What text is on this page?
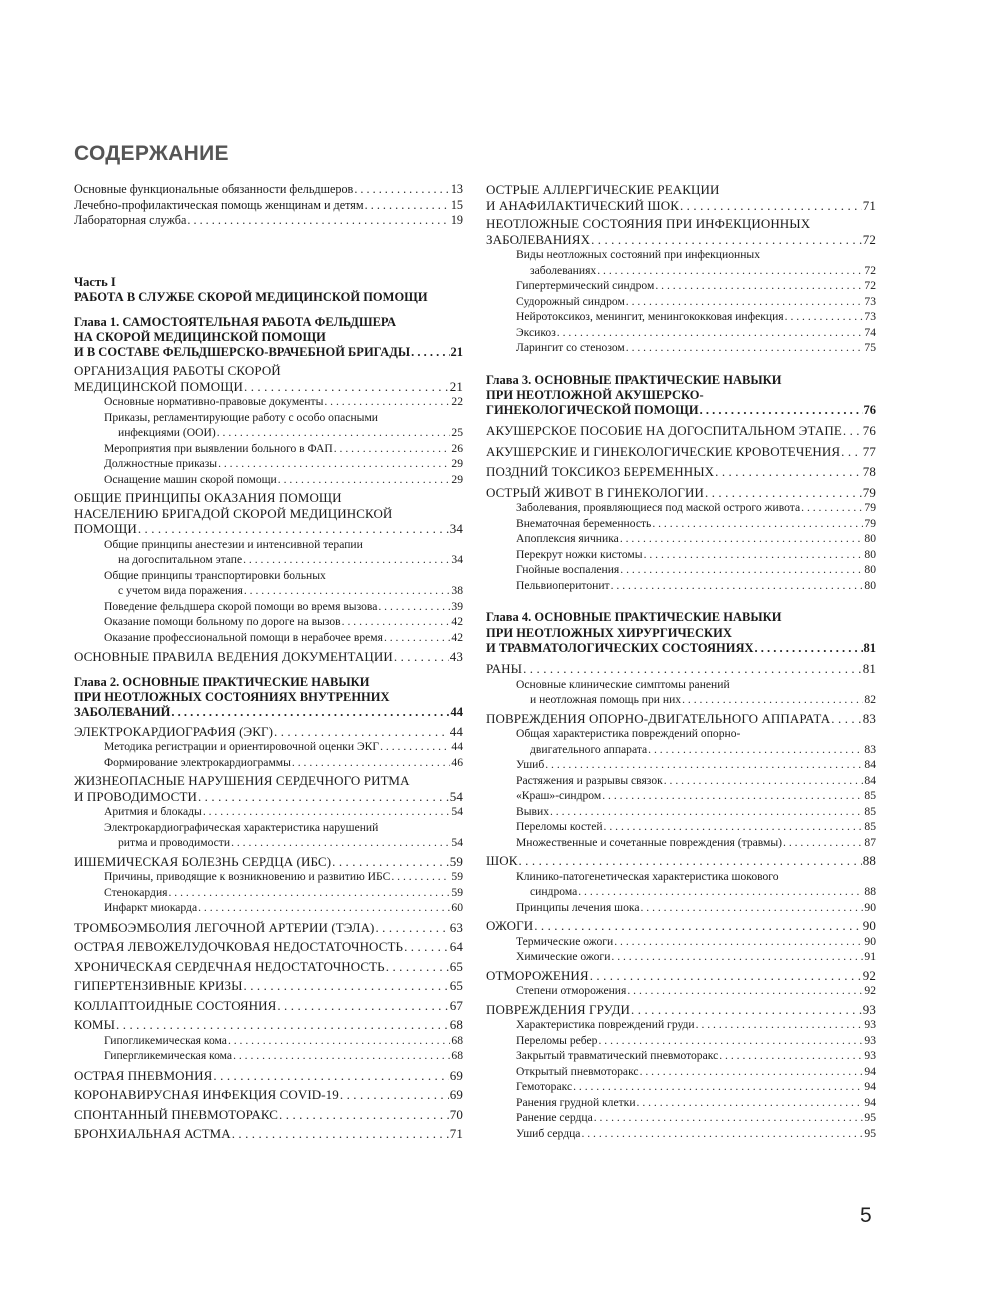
СОДЕРЖАНИЕ
Основные функциональные обязанности фельдшеров . . .	13
Лечебно-профилактическая помощь женщинам и детям . . .	15
Лабораторная служба . . .	19
Часть I
РАБОТА В СЛУЖБЕ СКОРОЙ МЕДИЦИНСКОЙ ПОМОЩИ
Глава 1. САМОСТОЯТЕЛЬНАЯ РАБОТА ФЕЛЬДШЕРА
НА СКОРОЙ МЕДИЦИНСКОЙ ПОМОЩИ
И В СОСТАВЕ ФЕЛЬДШЕРСКО-ВРАЧЕБНОЙ БРИГАДЫ . . .	21
ОРГАНИЗАЦИЯ РАБОТЫ СКОРОЙ
МЕДИЦИНСКОЙ ПОМОЩИ . . .	21
Основные нормативно-правовые документы . . .	22
Приказы, регламентирующие работу с особо опасными
инфекциями (ООИ) . . .	25
Мероприятия при выявлении больного в ФАП . . .	26
Должностные приказы . . .	29
Оснащение машин скорой помощи . . .	29
ОБЩИЕ ПРИНЦИПЫ ОКАЗАНИЯ ПОМОЩИ
НАСЕЛЕНИЮ БРИГАДОЙ СКОРОЙ МЕДИЦИНСКОЙ
ПОМОЩИ . . .	34
Общие принципы анестезии и интенсивной терапии
на догоспитальном этапе . . .	34
Общие принципы транспортировки больных
с учетом вида поражения . . .	38
Поведение фельдшера скорой помощи во время вызова . . .	39
Оказание помощи больному по дороге на вызов . . .	42
Оказание профессиональной помощи в нерабочее время . . .	42
ОСНОВНЫЕ ПРАВИЛА ВЕДЕНИЯ ДОКУМЕНТАЦИИ . . .	43
Глава 2. ОСНОВНЫЕ ПРАКТИЧЕСКИЕ НАВЫКИ
ПРИ НЕОТЛОЖНЫХ СОСТОЯНИЯХ ВНУТРЕННИХ
ЗАБОЛЕВАНИЙ . . .	44
ЭЛЕКТРОКАРДИОГРАФИЯ (ЭКГ) . . .	44
Методика регистрации и ориентировочной оценки ЭКГ . . .	44
Формирование электрокардиограммы . . .	46
ЖИЗНЕОПАСНЫЕ НАРУШЕНИЯ СЕРДЕЧНОГО РИТМА
И ПРОВОДИМОСТИ . . .	54
Аритмия и блокады . . .	54
Электрокардиографическая характеристика нарушений
ритма и проводимости . . .	54
ИШЕМИЧЕСКАЯ БОЛЕЗНЬ СЕРДЦА (ИБС) . . .	59
Причины, приводящие к возникновению и развитию ИБС . . .	59
Стенокардия . . .	59
Инфаркт миокарда . . .	60
ТРОМБОЭМБОЛИЯ ЛЕГОЧНОЙ АРТЕРИИ (ТЭЛА) . . .	63
ОСТРАЯ ЛЕВОЖЕЛУДОЧКОВАЯ НЕДОСТАТОЧНОСТЬ . . .	64
ХРОНИЧЕСКАЯ СЕРДЕЧНАЯ НЕДОСТАТОЧНОСТЬ . . .	65
ГИПЕРТЕНЗИВНЫЕ КРИЗЫ . . .	65
КОЛЛАПТОИДНЫЕ СОСТОЯНИЯ . . .	67
КОМЫ . . .	68
Гипогликемическая кома . . .	68
Гипергликемическая кома . . .	68
ОСТРАЯ ПНЕВМОНИЯ . . .	69
КОРОНАВИРУСНАЯ ИНФЕКЦИЯ COVID-19 . . .	69
СПОНТАННЫЙ ПНЕВМОТОРАКС . . .	70
БРОНХИАЛЬНАЯ АСТМА . . .	71
ОСТРЫЕ АЛЛЕРГИЧЕСКИЕ РЕАКЦИИ
И АНАФИЛАКТИЧЕСКИЙ ШОК . . .	71
НЕОТЛОЖНЫЕ СОСТОЯНИЯ ПРИ ИНФЕКЦИОННЫХ
ЗАБОЛЕВАНИЯХ . . .	72
Виды неотложных состояний при инфекционных
заболеваниях . . .	72
Гипертермический синдром . . .	72
Судорожный синдром . . .	73
Нейротоксикоз, менингит, менингококковая инфекция . . .	73
Эксикоз . . .	74
Ларингит со стенозом . . .	75
Глава 3. ОСНОВНЫЕ ПРАКТИЧЕСКИЕ НАВЫКИ
ПРИ НЕОТЛОЖНОЙ АКУШЕРСКО-
ГИНЕКОЛОГИЧЕСКОЙ ПОМОЩИ . . .	76
АКУШЕРСКОЕ ПОСОБИЕ НА ДОГОСПИТАЛЬНОМ ЭТАПЕ . . . 76
АКУШЕРСКИЕ И ГИНЕКОЛОГИЧЕСКИЕ КРОВОТЕЧЕНИЯ . . . 77
ПОЗДНИЙ ТОКСИКОЗ БЕРЕМЕННЫХ . . .	78
ОСТРЫЙ ЖИВОТ В ГИНЕКОЛОГИИ . . .	79
Заболевания, проявляющиеся под маской острого живота . . .	79
Внематочная беременность . . .	79
Апоплексия яичника . . .	80
Перекрут ножки кистомы . . .	80
Гнойные воспаления . . .	80
Пельвиоперитонит . . .	80
Глава 4. ОСНОВНЫЕ ПРАКТИЧЕСКИЕ НАВЫКИ
ПРИ НЕОТЛОЖНЫХ ХИРУРГИЧЕСКИХ
И ТРАВМАТОЛОГИЧЕСКИХ СОСТОЯНИЯХ . . .	81
РАНЫ . . .	81
Основные клинические симптомы ранений
и неотложная помощь при них . . .	82
ПОВРЕЖДЕНИЯ ОПОРНО-ДВИГАТЕЛЬНОГО АППАРАТА . . .	83
Общая характеристика повреждений опорно-
двигательного аппарата . . .	83
Ушиб . . .	84
Растяжения и разрывы связок . . .	84
«Краш»-синдром . . .	85
Вывих . . .	85
Переломы костей . . .	85
Множественные и сочетанные повреждения (травмы) . . .	87
ШОК . . .	88
Клинико-патогенетическая характеристика шокового
синдрома . . .	88
Принципы лечения шока . . .	90
ОЖОГИ . . .	90
Термические ожоги . . .	90
Химические ожоги . . .	91
ОТМОРОЖЕНИЯ . . .	92
Степени отморожения . . .	92
ПОВРЕЖДЕНИЯ ГРУДИ . . .	93
Характеристика повреждений груди . . .	93
Переломы ребер . . .	93
Закрытый травматический пневмоторакс . . .	93
Открытый пневмоторакс . . .	94
Гемоторакс . . .	94
Ранения грудной клетки . . .	94
Ранение сердца . . .	95
Ушиб сердца . . .	95
5
